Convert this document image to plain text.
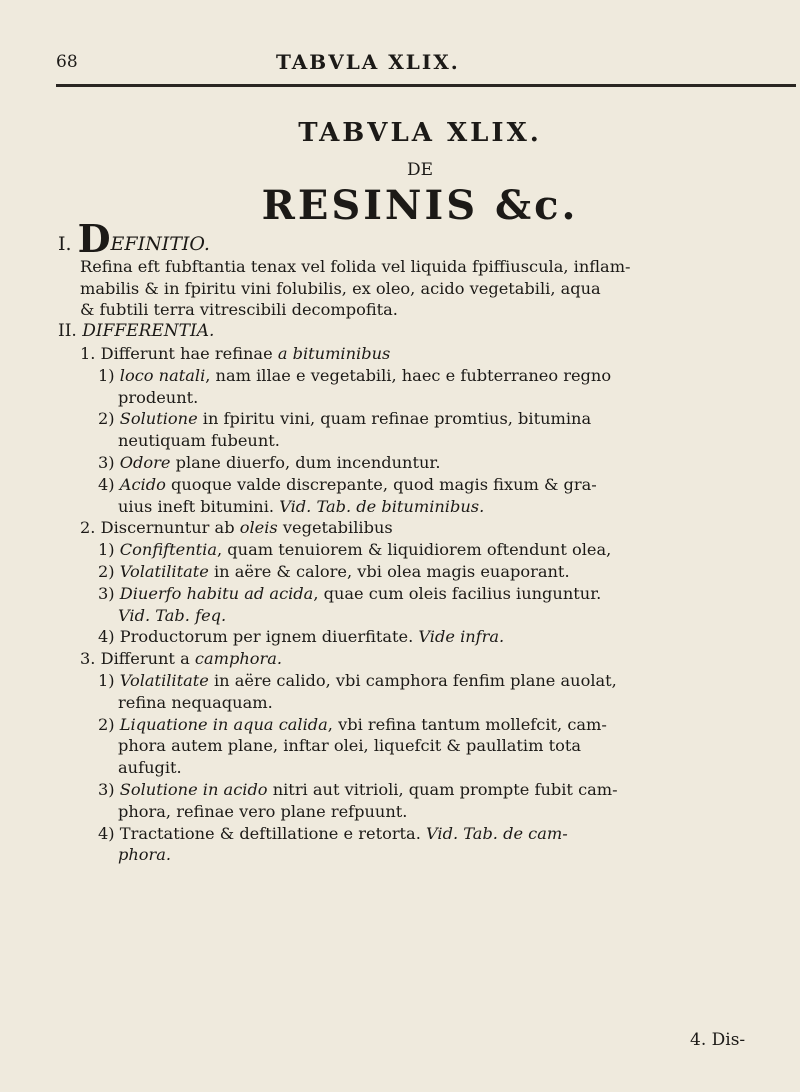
68	TABVLA XLIX.
TABVLA XLIX.
DE
RESINIS &c.
I. DEFINITIO.
Refina eft fubftantia tenax vel folida vel liquida fpiffiuscula, inflam-
mabilis & in fpiritu vini folubilis, ex oleo, acido vegetabili, aqua
& fubtili terra vitrescibili decompofita.
II. DIFFERENTIA.
1. Differunt hae refinae a bituminibus
1) loco natali, nam illae e vegetabili, haec e fubterraneo regno
prodeunt.
2) Solutione in fpiritu vini, quam refinae promtius, bitumina
neutiquam fubeunt.
3) Odore plane diuerfo, dum incenduntur.
4) Acido quoque valde discrepante, quod magis fixum & gra-
uius ineft bitumini. Vid. Tab. de bituminibus.
2. Discernuntur ab oleis vegetabilibus
1) Confiftentia, quam tenuiorem & liquidiorem oftendunt olea,
2) Volatilitate in aëre & calore, vbi olea magis euaporant.
3) Diuerfo habitu ad acida, quae cum oleis facilius iunguntur.
Vid. Tab. feq.
4) Productorum per ignem diuerfitate. Vide infra.
3. Differunt a camphora.
1) Volatilitate in aëre calido, vbi camphora fenfim plane auolat,
refina nequaquam.
2) Liquatione in aqua calida, vbi refina tantum mollefcit, cam-
phora autem plane, inftar olei, liquefcit & paullatim tota
aufugit.
3) Solutione in acido nitri aut vitrioli, quam prompte fubit cam-
phora, refinae vero plane refpuunt.
4) Tractatione & deftillatione e retorta. Vid. Tab. de cam-
phora.
4. Dis-
